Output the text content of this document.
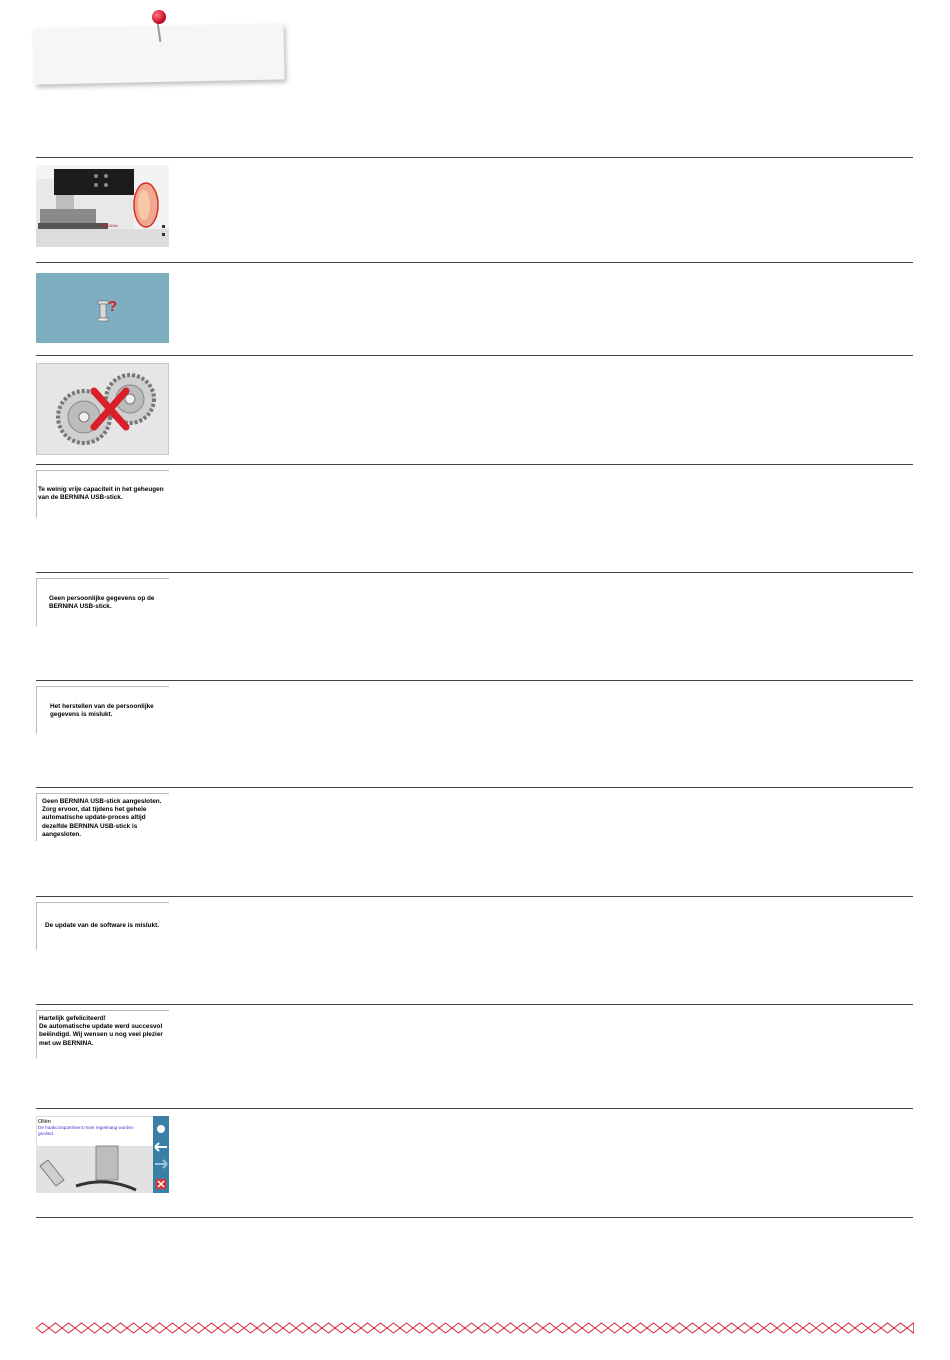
BERNINA
?
Te weinig vrije capaciteit in het geheugen
van de BERNINA USB-stick.
Geen persoonlijke gegevens op de
BERNINA USB-stick.
Het herstellen van de persoonlijke
gegevens is mislukt.
Geen BERNINA USB-stick aangesloten.
Zorg ervoor, dat tijdens het gehele
automatische update-proces altijd
dezelfde BERNINA USB-stick is
aangesloten.
De update van de software is mislukt.
Hartelijk gefeliciteerd!
De automatische update werd succesvol
beëindigd. Wij wensen u nog veel plezier
met uw BERNINA.
Oliën
De haakcompartiment moet regelmatig worden geolied.
